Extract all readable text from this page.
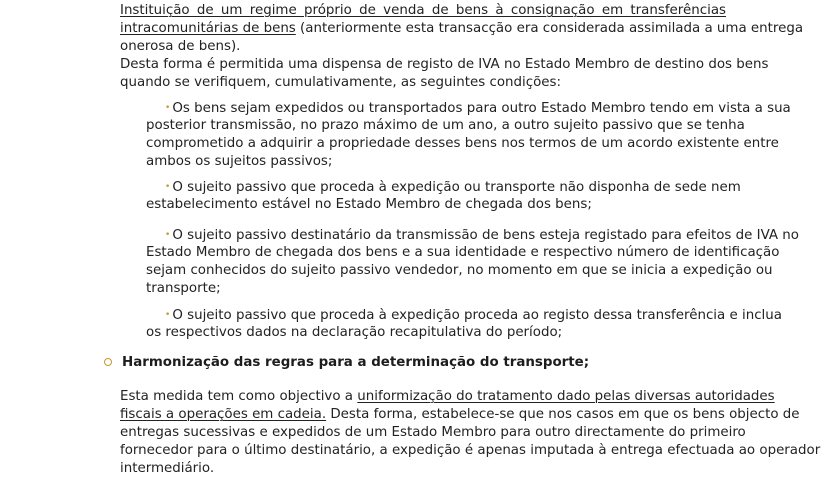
Instituição de um regime próprio de venda de bens à consignação em transferências
intracomunitárias de bens (anteriormente esta transacção era considerada assimilada a uma entrega
onerosa de bens).
Desta forma é permitida uma dispensa de registo de IVA no Estado Membro de destino dos bens
quando se verifiquem, cumulativamente, as seguintes condições:
• Os bens sejam expedidos ou transportados para outro Estado Membro tendo em vista a sua
posterior transmissão, no prazo máximo de um ano, a outro sujeito passivo que se tenha
comprometido a adquirir a propriedade desses bens nos termos de um acordo existente entre
ambos os sujeitos passivos;
• O sujeito passivo que proceda à expedição ou transporte não disponha de sede nem
estabelecimento estável no Estado Membro de chegada dos bens;
• O sujeito passivo destinatário da transmissão de bens esteja registado para efeitos de IVA no
Estado Membro de chegada dos bens e a sua identidade e respectivo número de identificação
sejam conhecidos do sujeito passivo vendedor, no momento em que se inicia a expedição ou
transporte;
• O sujeito passivo que proceda à expedição proceda ao registo dessa transferência e inclua
os respectivos dados na declaração recapitulativa do período;
Harmonização das regras para a determinação do transporte;
Esta medida tem como objectivo a uniformização do tratamento dado pelas diversas autoridades
fiscais a operações em cadeia. Desta forma, estabelece-se que nos casos em que os bens objecto de
entregas sucessivas e expedidos de um Estado Membro para outro directamente do primeiro
fornecedor para o último destinatário, a expedição é apenas imputada à entrega efectuada ao operador
intermediário.
